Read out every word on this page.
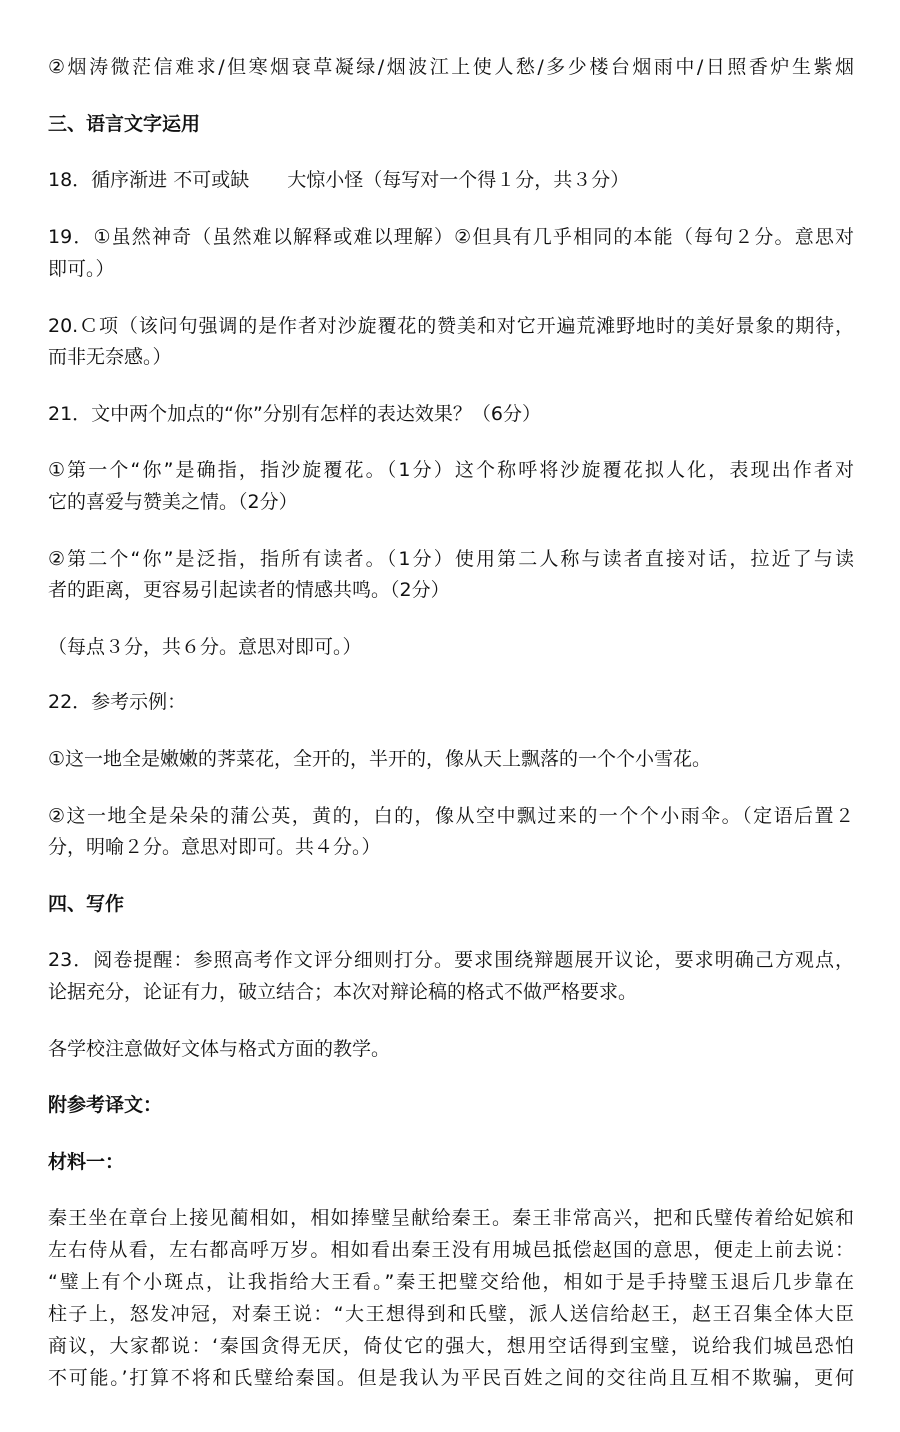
②烟涛微茫信难求/但寒烟衰草凝绿/烟波江上使人愁/多少楼台烟雨中/日照香炉生紫烟
三、语言文字运用
18．循序渐进 不可或缺　　大惊小怪（每写对一个得１分，共３分）
19．①虽然神奇（虽然难以解释或难以理解）②但具有几乎相同的本能（每句２分。意思对
即可。）
20.Ｃ项（该问句强调的是作者对沙旋覆花的赞美和对它开遍荒滩野地时的美好景象的期待，
而非无奈感。）
21．文中两个加点的“你”分别有怎样的表达效果？（6分）
①第一个“你”是确指，指沙旋覆花。（1分）这个称呼将沙旋覆花拟人化，表现出作者对
它的喜爱与赞美之情。（2分）
②第二个“你”是泛指，指所有读者。（1分）使用第二人称与读者直接对话，拉近了与读
者的距离，更容易引起读者的情感共鸣。（2分）
（每点３分，共６分。意思对即可。）
22．参考示例：
①这一地全是嫩嫩的荠菜花，全开的，半开的，像从天上飘落的一个个小雪花。
②这一地全是朵朵的蒲公英，黄的，白的，像从空中飘过来的一个个小雨伞。（定语后置２
分，明喻２分。意思对即可。共４分。）
四、写作
23．阅卷提醒：参照高考作文评分细则打分。要求围绕辩题展开议论，要求明确己方观点，
论据充分，论证有力，破立结合；本次对辩论稿的格式不做严格要求。
各学校注意做好文体与格式方面的教学。
附参考译文：
材料一：
秦王坐在章台上接见蔺相如，相如捧璧呈献给秦王。秦王非常高兴，把和氏璧传着给妃嫔和
左右侍从看，左右都高呼万岁。相如看出秦王没有用城邑抵偿赵国的意思，便走上前去说：
“璧上有个小斑点，让我指给大王看。”秦王把璧交给他，相如于是手持璧玉退后几步靠在
柱子上，怒发冲冠，对秦王说：“大王想得到和氏璧，派人送信给赵王，赵王召集全体大臣
商议，大家都说：‘秦国贪得无厌，倚仗它的强大，想用空话得到宝璧，说给我们城邑恐怕
不可能。’打算不将和氏璧给秦国。但是我认为平民百姓之间的交往尚且互相不欺骗，更何
